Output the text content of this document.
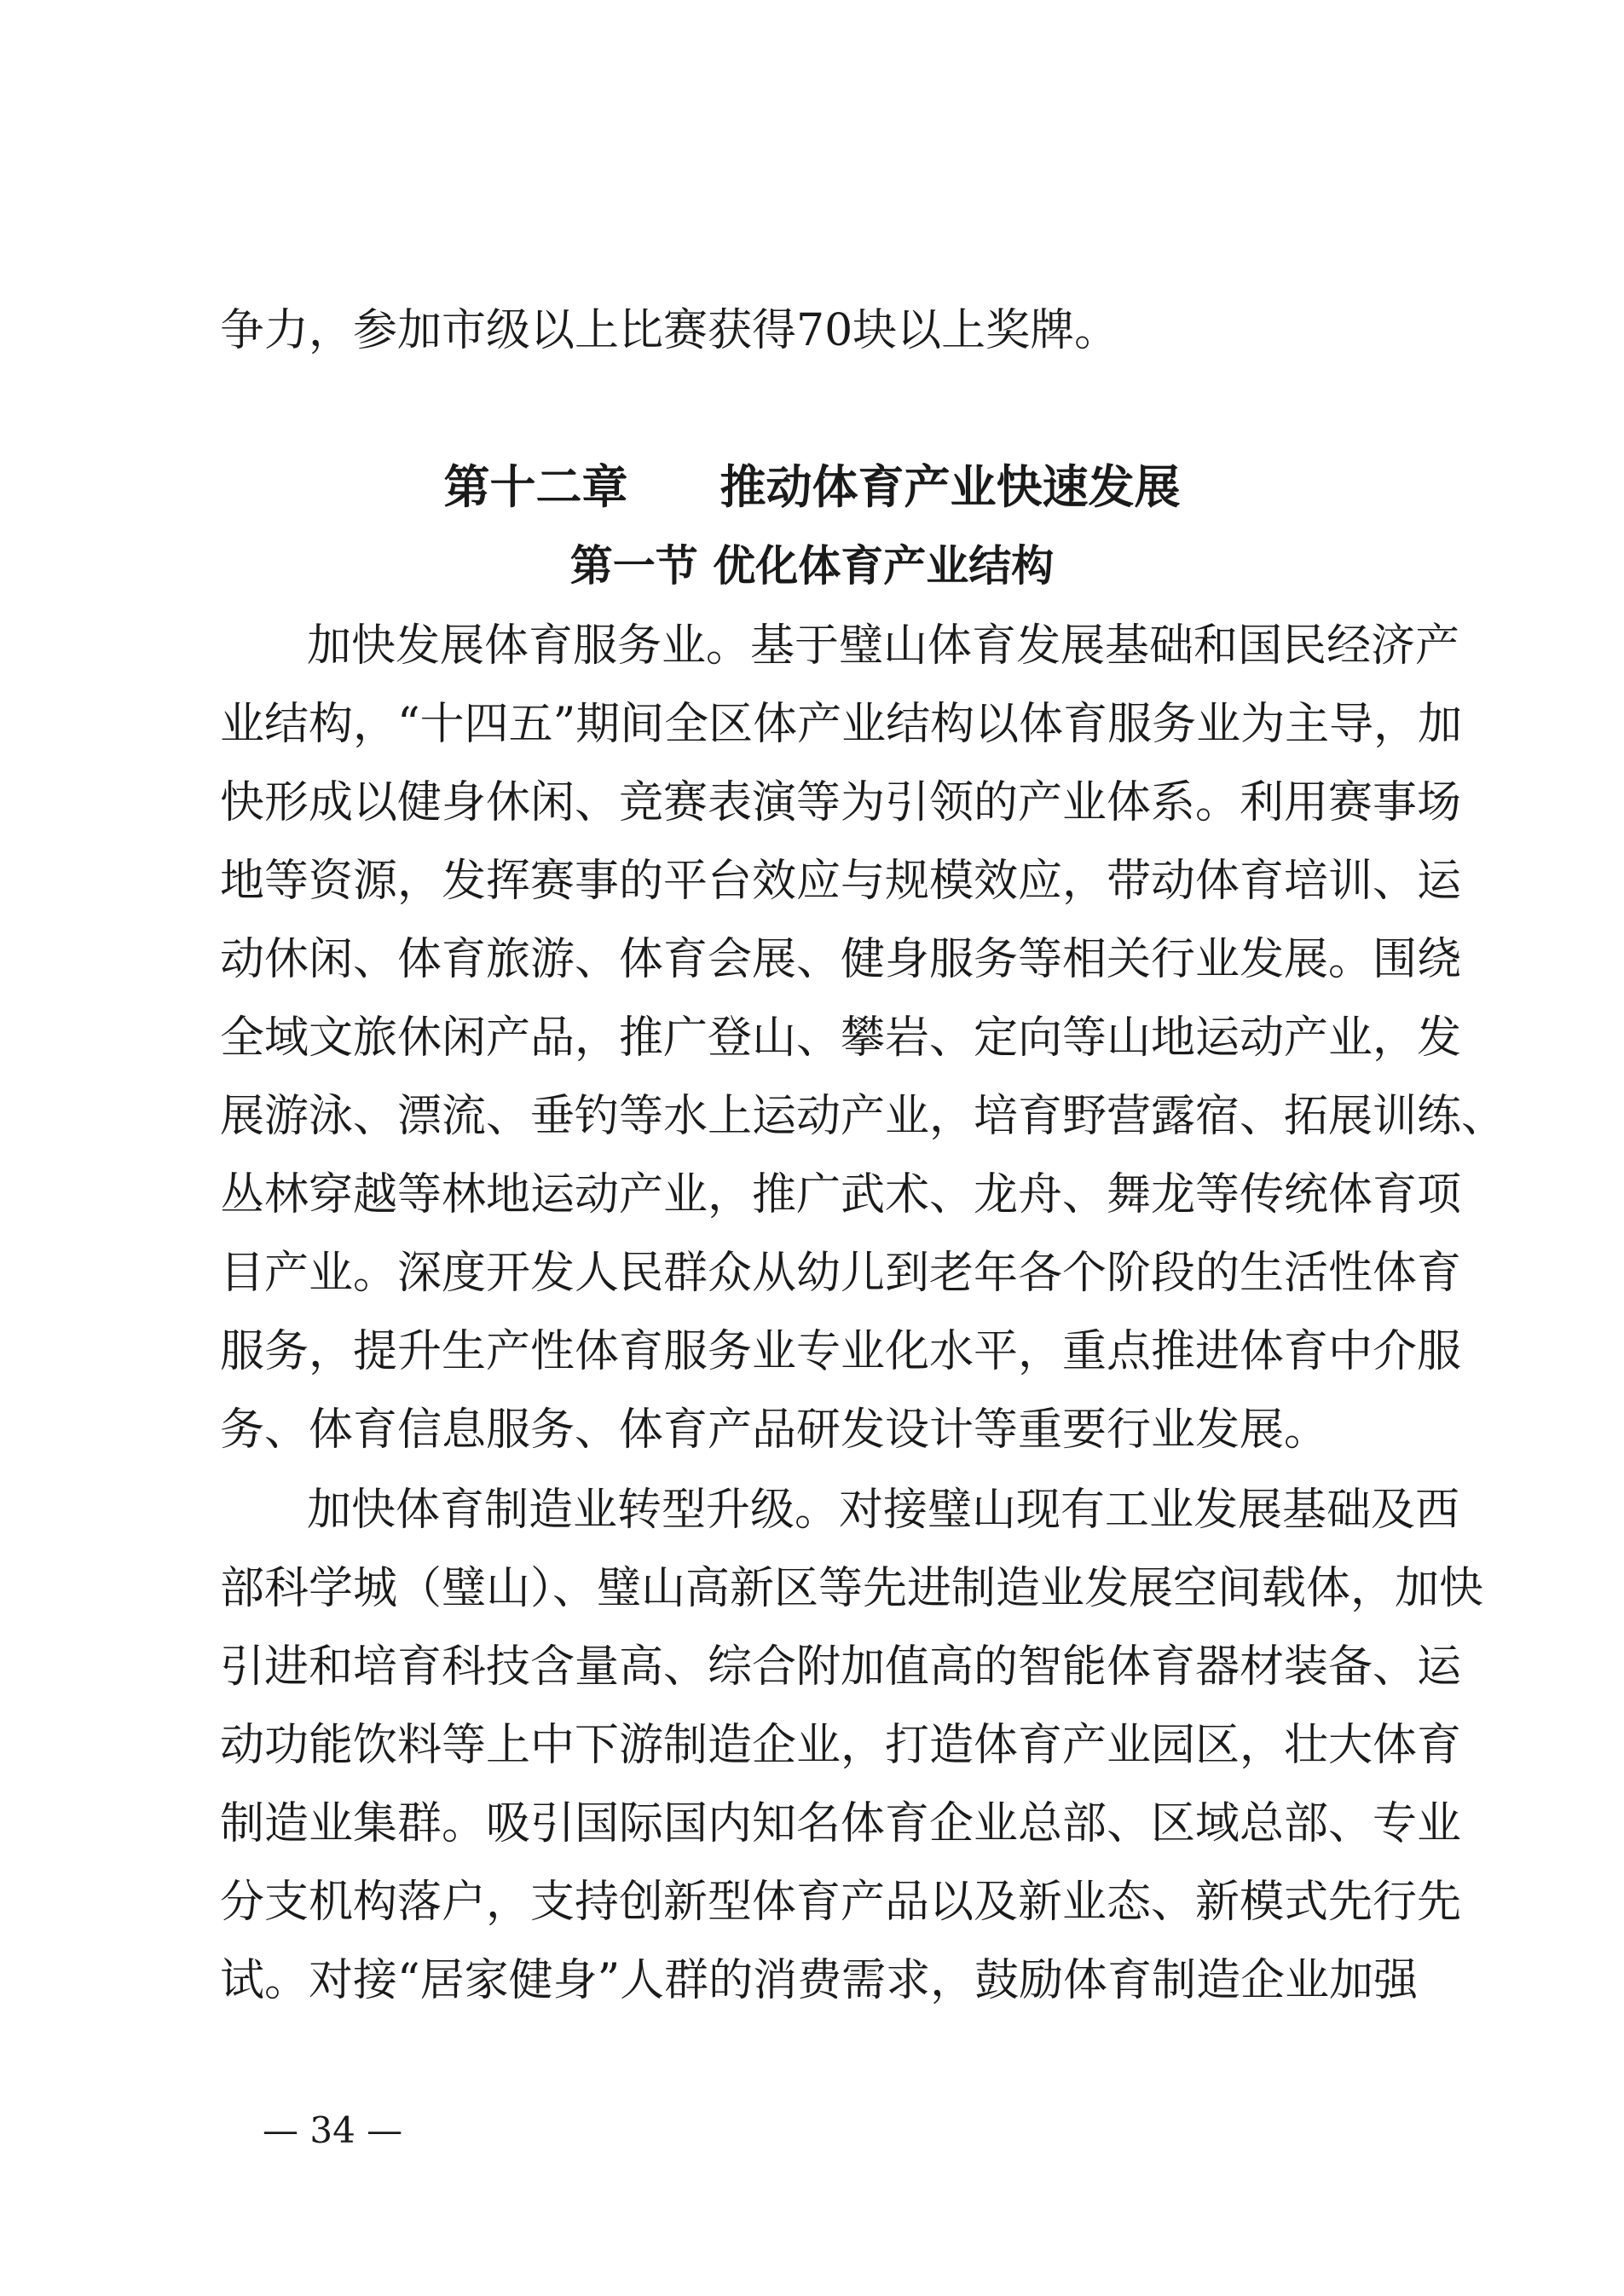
争力，参加市级以上比赛获得70块以上奖牌。
第十二章　　推动体育产业快速发展
第一节 优化体育产业结构
加快发展体育服务业。基于璧山体育发展基础和国民经济产
业结构，“十四五”期间全区体产业结构以体育服务业为主导，加
快形成以健身休闲、竞赛表演等为引领的产业体系。利用赛事场
地等资源，发挥赛事的平台效应与规模效应，带动体育培训、运
动休闲、体育旅游、体育会展、健身服务等相关行业发展。围绕
全域文旅休闲产品，推广登山、攀岩、定向等山地运动产业，发
展游泳、漂流、垂钓等水上运动产业，培育野营露宿、拓展训练、
丛林穿越等林地运动产业，推广武术、龙舟、舞龙等传统体育项
目产业。深度开发人民群众从幼儿到老年各个阶段的生活性体育
服务，提升生产性体育服务业专业化水平，重点推进体育中介服
务、体育信息服务、体育产品研发设计等重要行业发展。
加快体育制造业转型升级。对接璧山现有工业发展基础及西
部科学城（璧山）、璧山高新区等先进制造业发展空间载体，加快
引进和培育科技含量高、综合附加值高的智能体育器材装备、运
动功能饮料等上中下游制造企业，打造体育产业园区，壮大体育
制造业集群。吸引国际国内知名体育企业总部、区域总部、专业
分支机构落户，支持创新型体育产品以及新业态、新模式先行先
试。对接“居家健身”人群的消费需求，鼓励体育制造企业加强
— 34 —
